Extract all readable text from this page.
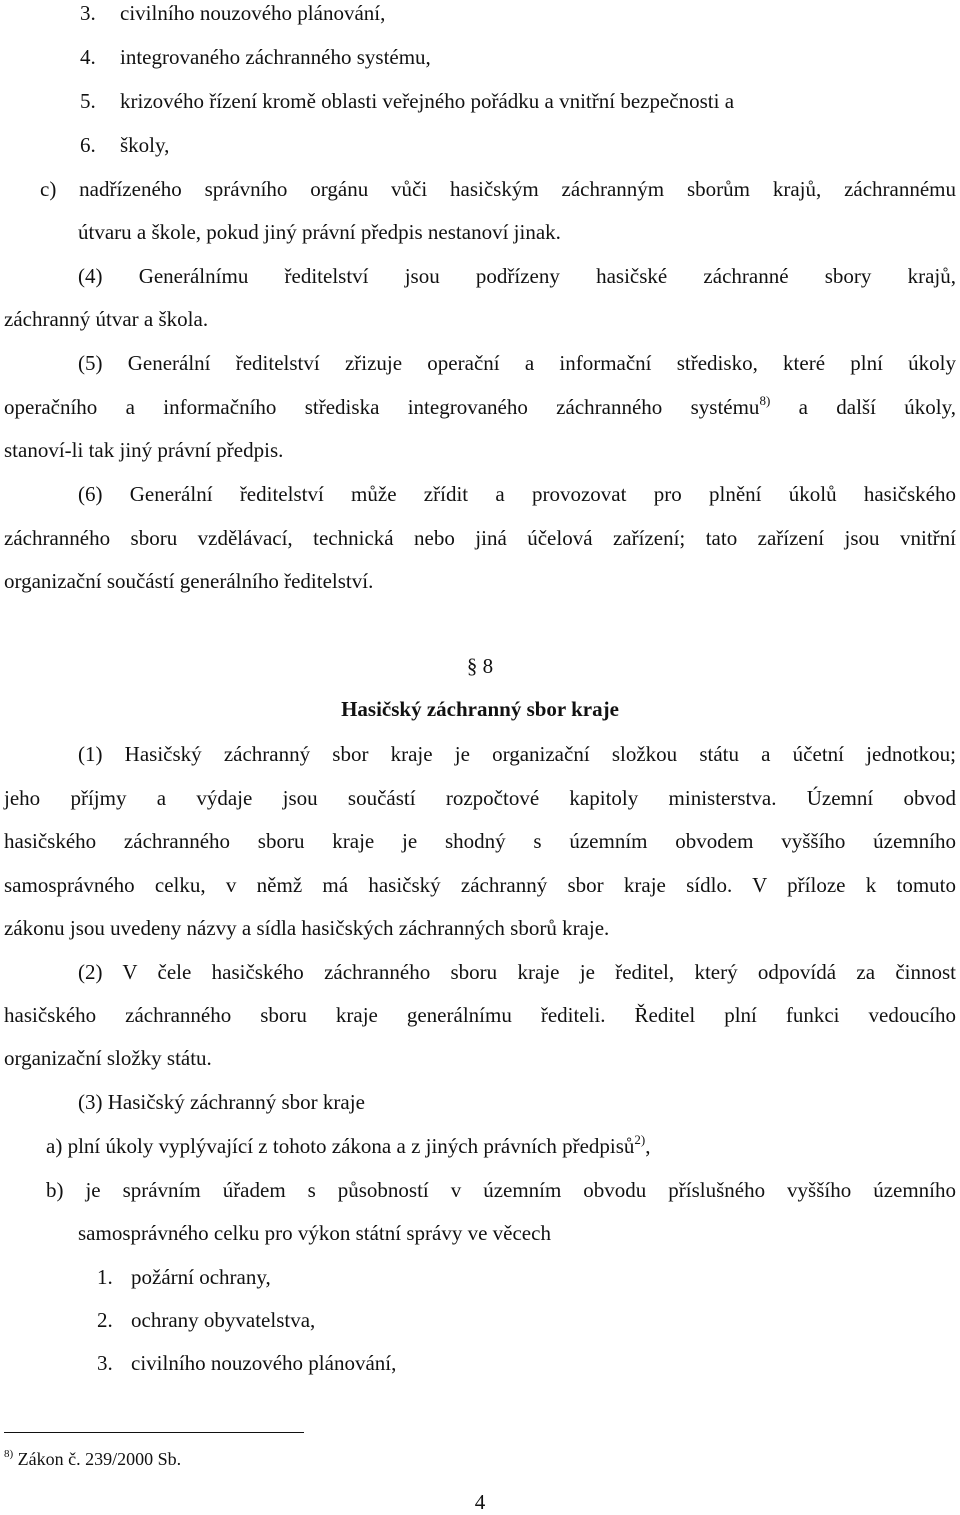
3. civilního nouzového plánování,
4. integrovaného záchranného systému,
5. krizového řízení kromě oblasti veřejného pořádku a vnitřní bezpečnosti a
6. školy,
c) nadřízeného správního orgánu vůči hasičským záchranným sborům krajů, záchrannému
útvaru a škole, pokud jiný právní předpis nestanoví jinak.
(4) Generálnímu ředitelství jsou podřízeny hasičské záchranné sbory krajů,
záchranný útvar a škola.
(5) Generální ředitelství zřizuje operační a informační středisko, které plní úkoly
operačního a informačního střediska integrovaného záchranného systému$^{8)}$ a další úkoly,
stanoví-li tak jiný právní předpis.
(6) Generální ředitelství může zřídit a provozovat pro plnění úkolů hasičského
záchranného sboru vzdělávací, technická nebo jiná účelová zařízení; tato zařízení jsou vnitřní
organizační součástí generálního ředitelství.
§ 8
Hasičský záchranný sbor kraje
(1) Hasičský záchranný sbor kraje je organizační složkou státu a účetní jednotkou;
jeho příjmy a výdaje jsou součástí rozpočtové kapitoly ministerstva. Územní obvod
hasičského záchranného sboru kraje je shodný s územním obvodem vyššího územního
samosprávného celku, v němž má hasičský záchranný sbor kraje sídlo. V příloze k tomuto
zákonu jsou uvedeny názvy a sídla hasičských záchranných sborů kraje.
(2) V čele hasičského záchranného sboru kraje je ředitel, který odpovídá za činnost
hasičského záchranného sboru kraje generálnímu řediteli. Ředitel plní funkci vedoucího
organizační složky státu.
(3) Hasičský záchranný sbor kraje
a) plní úkoly vyplývající z tohoto zákona a z jiných právních předpisů$^{2)}$,
b) je správním úřadem s působností v územním obvodu příslušného vyššího územního
samosprávného celku pro výkon státní správy ve věcech
1. požární ochrany,
2. ochrany obyvatelstva,
3. civilního nouzového plánování,
$^{8)}$ Zákon č. 239/2000 Sb.
4
